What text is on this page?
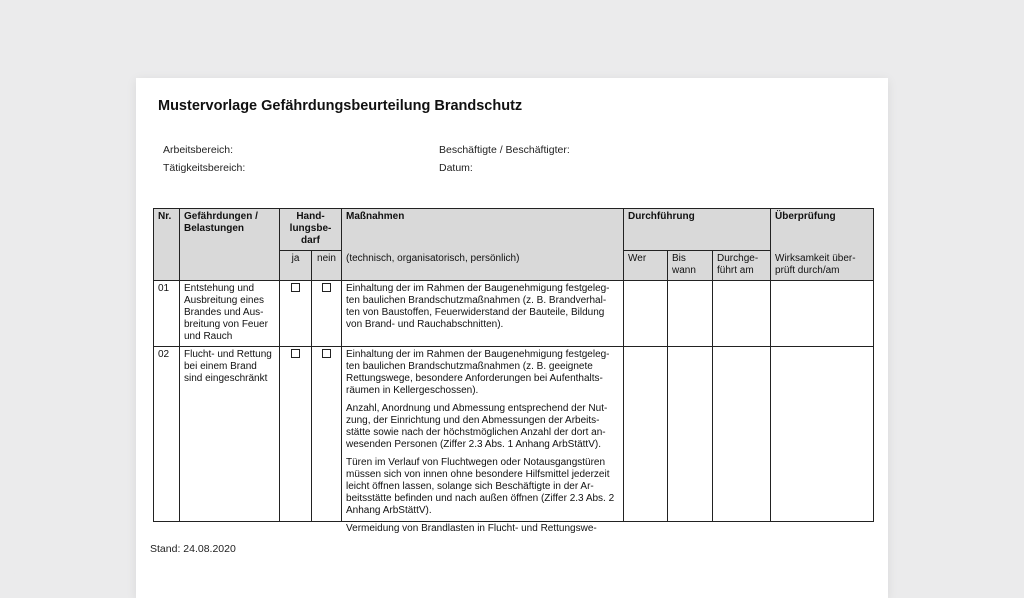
Mustervorlage Gefährdungsbeurteilung Brandschutz
Arbeitsbereich:
Tätigkeitsbereich:
Beschäftigte / Beschäftigter:
Datum:
Nr.	Gefährdungen / Belastungen	Hand-lungsbe-darf		Maßnahmen	Durchführung			Überprüfung
		ja	nein	(technisch, organisatorisch, persönlich)	Wer	Bis wann	Durchge-führt am	Wirksamkeit über-prüft durch/am
01	Entstehung und Ausbreitung eines Brandes und Aus-breitung von Feuer und Rauch			Einhaltung der im Rahmen der Baugenehmigung festgeleg-ten baulichen Brandschutzmaßnahmen (z. B. Brandverhal-ten von Baustoffen, Feuerwiderstand der Bauteile, Bildung von Brand- und Rauchabschnitten).				

02	Flucht- und Rettung bei einem Brand sind eingeschränkt			Einhaltung der im Rahmen der Baugenehmigung festgeleg-ten baulichen Brandschutzmaßnahmen (z. B. geeignete Rettungswege, besondere Anforderungen bei Aufenthalts-räumen in Kellergeschossen).

Anzahl, Anordnung und Abmessung entsprechend der Nut-zung, der Einrichtung und den Abmessungen der Arbeits-stätte sowie nach der höchstmöglichen Anzahl der dort an-wesenden Personen (Ziffer 2.3 Abs. 1 Anhang ArbStättV).

Türen im Verlauf von Fluchtwegen oder Notausgangstüren müssen sich von innen ohne besondere Hilfsmittel jederzeit leicht öffnen lassen, solange sich Beschäftigte in der Ar-beitsstätte befinden und nach außen öffnen (Ziffer 2.3 Abs. 2 Anhang ArbStättV).

Vermeidung von Brandlasten in Flucht- und Rettungswe-				

Stand: 24.08.2020
